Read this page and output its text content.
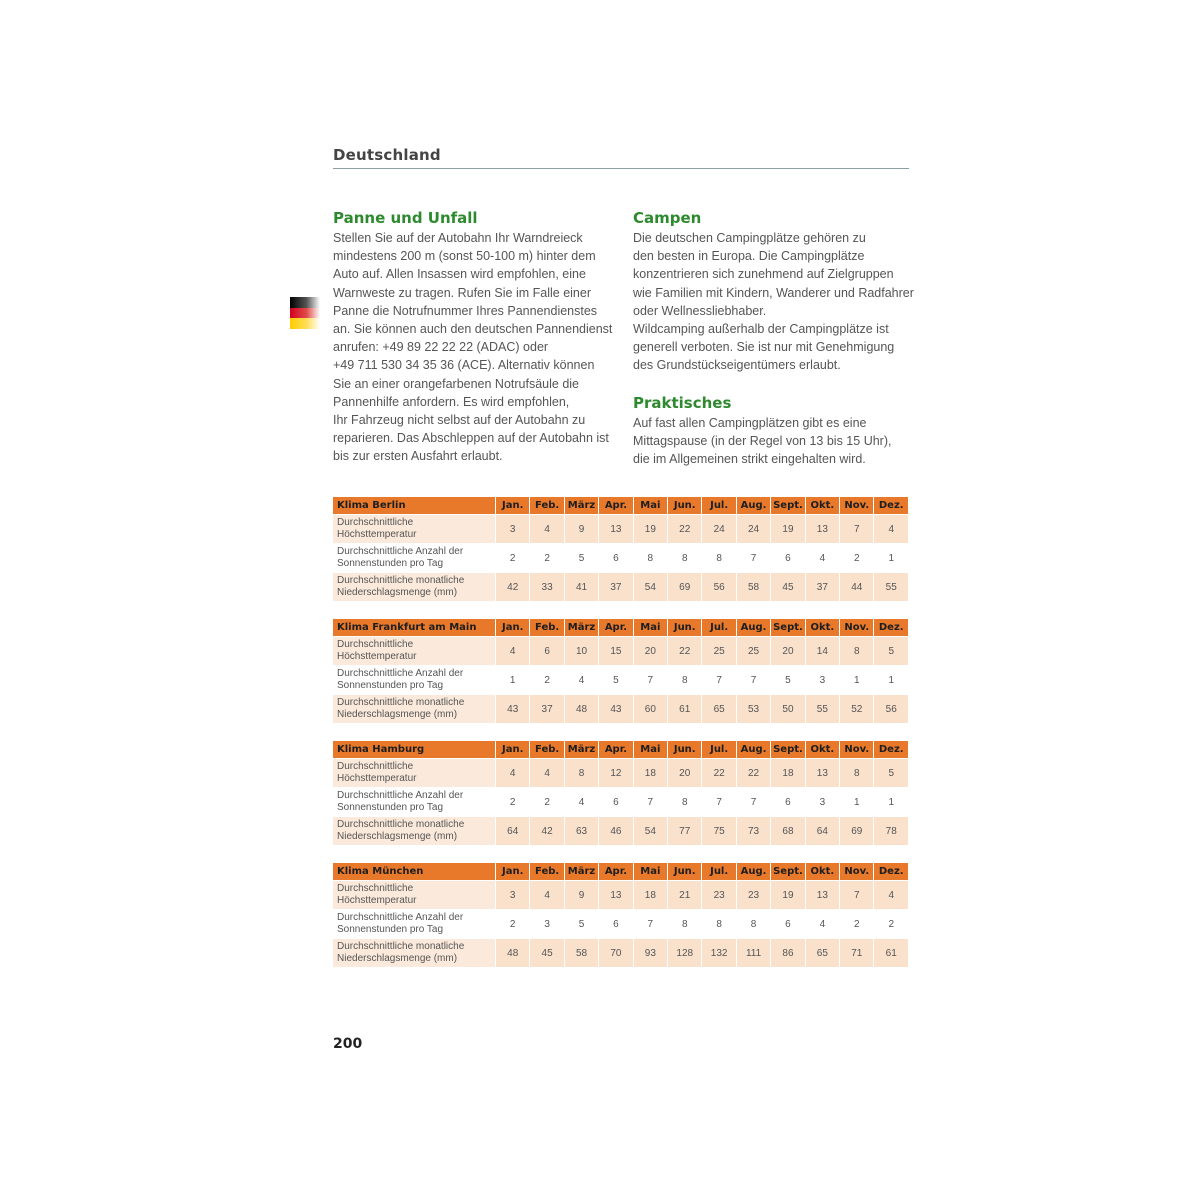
Deutschland
Panne und Unfall

Stellen Sie auf der Autobahn Ihr Warndreieck
mindestens 200 m (sonst 50-100 m) hinter dem
Auto auf. Allen Insassen wird empfohlen, eine
Warnweste zu tragen. Rufen Sie im Falle einer
Panne die Notrufnummer Ihres Pannendienstes
an. Sie können auch den deutschen Pannendienst
anrufen: +49 89 22 22 22 (ADAC) oder
+49 711 530 34 35 36 (ACE). Alternativ können
Sie an einer orangefarbenen Notrufsäule die
Pannenhilfe anfordern. Es wird empfohlen,
Ihr Fahrzeug nicht selbst auf der Autobahn zu
reparieren. Das Abschleppen auf der Autobahn ist
bis zur ersten Ausfahrt erlaubt.

Campen

Die deutschen Campingplätze gehören zu
den besten in Europa. Die Campingplätze
konzentrieren sich zunehmend auf Zielgruppen
wie Familien mit Kindern, Wanderer und Radfahrer
oder Wellnessliebhaber.
Wildcamping außerhalb der Campingplätze ist
generell verboten. Sie ist nur mit Genehmigung
des Grundstückseigentümers erlaubt.

Praktisches

Auf fast allen Campingplätzen gibt es eine
Mittagspause (in der Regel von 13 bis 15 Uhr),
die im Allgemeinen strikt eingehalten wird.

Klima Berlin	Jan.	Feb.	März	Apr.	Mai	Jun.	Jul.	Aug.	Sept.	Okt.	Nov.	Dez.
Durchschnittliche
Höchsttemperatur	3	4	9	13	19	22	24	24	19	13	7	4
Durchschnittliche Anzahl der
Sonnenstunden pro Tag	2	2	5	6	8	8	8	7	6	4	2	1
Durchschnittliche monatliche
Niederschlagsmenge (mm)	42	33	41	37	54	69	56	58	45	37	44	55
Klima Frankfurt am Main	Jan.	Feb.	März	Apr.	Mai	Jun.	Jul.	Aug.	Sept.	Okt.	Nov.	Dez.
Durchschnittliche
Höchsttemperatur	4	6	10	15	20	22	25	25	20	14	8	5
Durchschnittliche Anzahl der
Sonnenstunden pro Tag	1	2	4	5	7	8	7	7	5	3	1	1
Durchschnittliche monatliche
Niederschlagsmenge (mm)	43	37	48	43	60	61	65	53	50	55	52	56
Klima Hamburg	Jan.	Feb.	März	Apr.	Mai	Jun.	Jul.	Aug.	Sept.	Okt.	Nov.	Dez.
Durchschnittliche
Höchsttemperatur	4	4	8	12	18	20	22	22	18	13	8	5
Durchschnittliche Anzahl der
Sonnenstunden pro Tag	2	2	4	6	7	8	7	7	6	3	1	1
Durchschnittliche monatliche
Niederschlagsmenge (mm)	64	42	63	46	54	77	75	73	68	64	69	78
Klima München	Jan.	Feb.	März	Apr.	Mai	Jun.	Jul.	Aug.	Sept.	Okt.	Nov.	Dez.
Durchschnittliche
Höchsttemperatur	3	4	9	13	18	21	23	23	19	13	7	4
Durchschnittliche Anzahl der
Sonnenstunden pro Tag	2	3	5	6	7	8	8	8	6	4	2	2
Durchschnittliche monatliche
Niederschlagsmenge (mm)	48	45	58	70	93	128	132	111	86	65	71	61
200
